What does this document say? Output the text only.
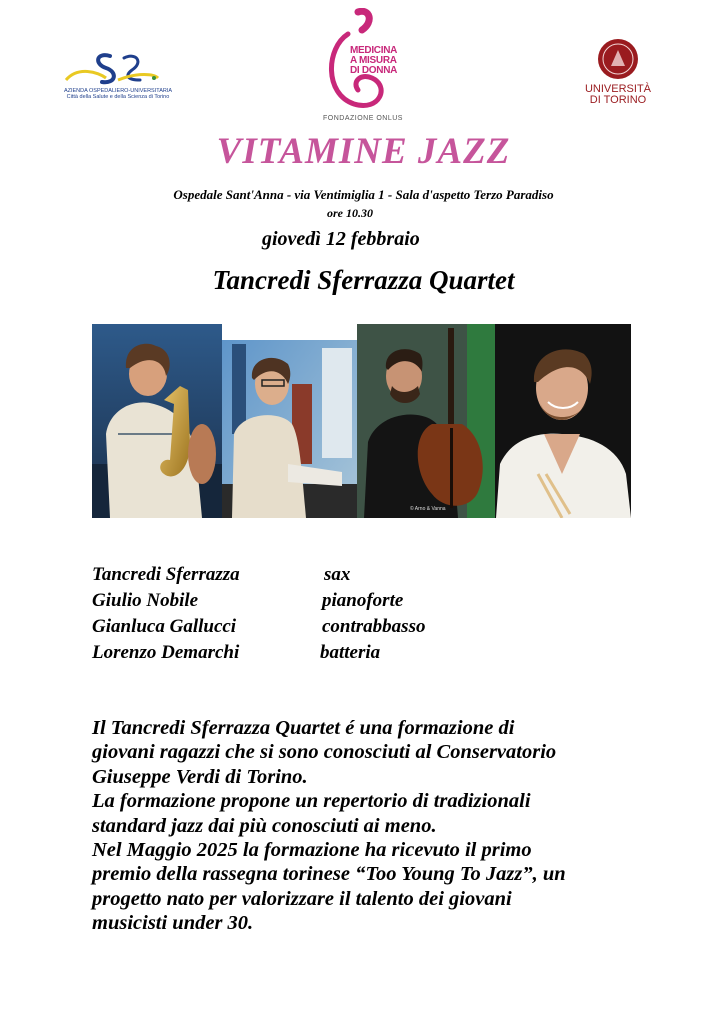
AZIENDA OSPEDALIERO-UNIVERSITARIA
Città della Salute e della Scienza di Torino
MEDICINA
A MISURA
DI DONNA
FONDAZIONE ONLUS
UNIVERSITÀ
DI TORINO
VITAMINE JAZZ
Ospedale Sant'Anna - via Ventimiglia 1 - Sala d'aspetto Terzo Paradiso
ore 10.30
giovedì 12 febbraio
Tancredi Sferrazza Quartet
© Arno & Vanna
Tancredi Sferrazza	sax
Giulio Nobile	pianoforte
Gianluca Gallucci	contrabbasso
Lorenzo Demarchi	batteria
Il Tancredi Sferrazza Quartet é una formazione di
giovani ragazzi che si sono conosciuti al Conservatorio
Giuseppe Verdi di Torino.
La formazione propone un repertorio di tradizionali
standard jazz dai più conosciuti ai meno.
Nel Maggio 2025 la formazione ha ricevuto il primo
premio della rassegna torinese “Too Young To Jazz”, un
progetto nato per valorizzare il talento dei giovani
musicisti under 30.
